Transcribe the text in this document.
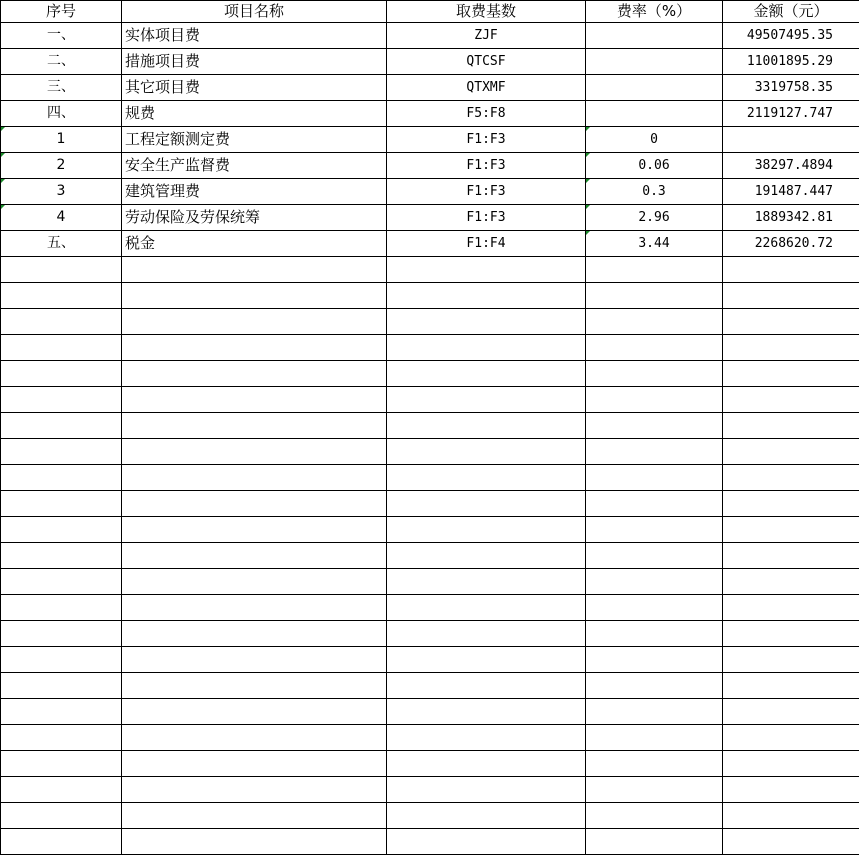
序号	项目名称	取费基数	费率（%）	金额（元）
一、	实体项目费	ZJF		49507495.35
二、	措施项目费	QTCSF		11001895.29
三、	其它项目费	QTXMF		3319758.35
四、	规费	F5:F8		2119127.747
1	工程定额测定费	F1:F3	0

2	安全生产监督费	F1:F3	0.06	38297.4894
3	建筑管理费	F1:F3	0.3	191487.447
4	劳动保险及劳保统筹	F1:F3	2.96	1889342.81
五、	税金	F1:F4	3.44	2268620.72
